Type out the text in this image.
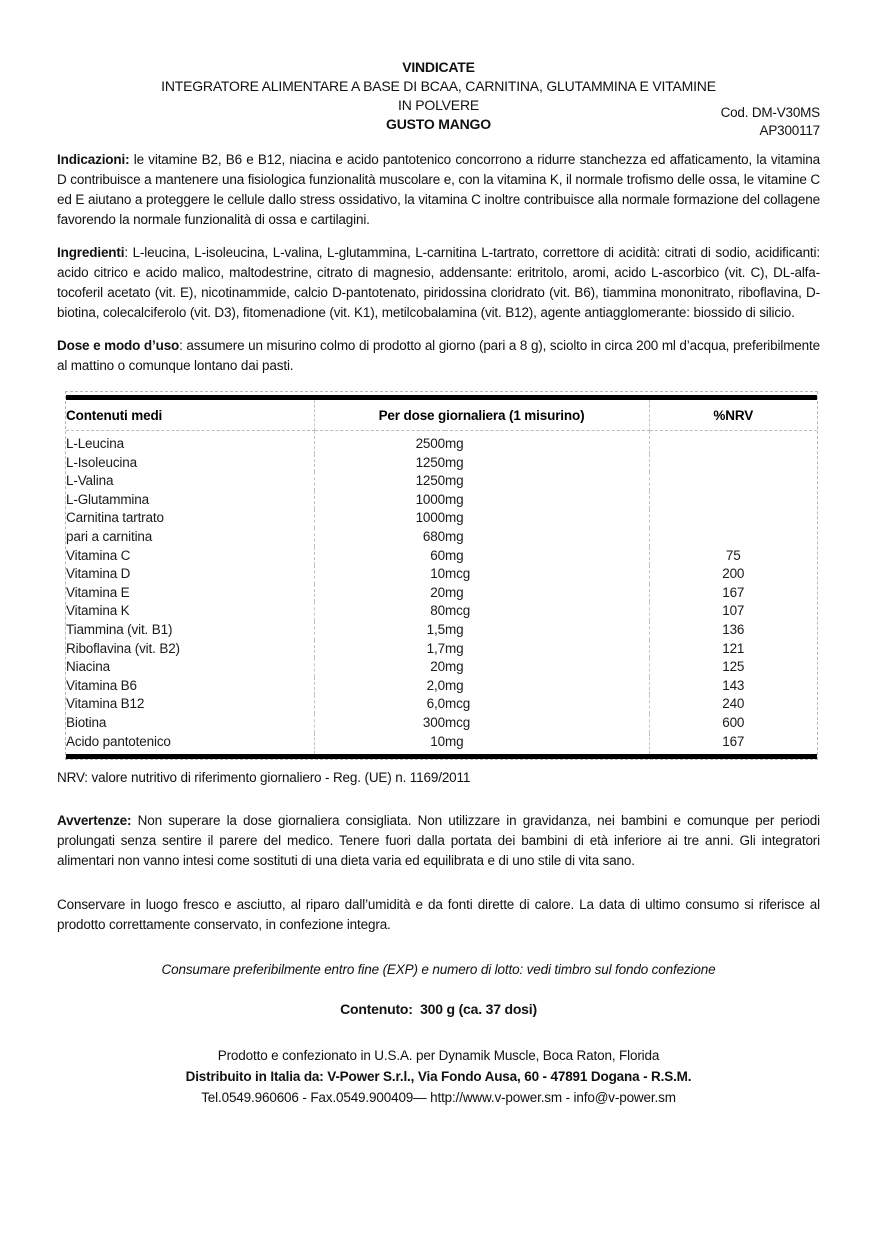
VINDICATE
INTEGRATORE ALIMENTARE A BASE DI BCAA, CARNITINA, GLUTAMMINA E VITAMINE
IN POLVERE
GUSTO MANGO
Cod. DM-V30MS
AP300117

Indicazioni: le vitamine B2, B6 e B12, niacina e acido pantotenico concorrono a ridurre stanchezza ed affaticamento, la vitamina D contribuisce a mantenere una fisiologica funzionalità muscolare e, con la vitamina K, il normale trofismo delle ossa, le vitamine C ed E aiutano a proteggere le cellule dallo stress ossidativo, la vitamina C inoltre contribuisce alla normale formazione del collagene favorendo la normale funzionalità di ossa e cartilagini.

Ingredienti: L-leucina, L-isoleucina, L-valina, L-glutammina, L-carnitina L-tartrato, correttore di acidità: citrati di sodio, acidificanti: acido citrico e acido malico, maltodestrine, citrato di magnesio, addensante: eritritolo, aromi, acido L-ascorbico (vit. C), DL-alfa-tocoferil acetato (vit. E), nicotinammide, calcio D-pantotenato, piridossina cloridrato (vit. B6), tiammina mononitrato, riboflavina, D-biotina, colecalciferolo (vit. D3), fitomenadione (vit. K1), metilcobalamina (vit. B12), agente antiagglomerante: biossido di silicio.

Dose e modo d’uso: assumere un misurino colmo di prodotto al giorno (pari a 8 g), sciolto in circa 200 ml d’acqua, preferibilmente al mattino o comunque lontano dai pasti.

Contenuti medi	Per dose giornaliera (1 misurino)		%NRV
L-Leucina	2500	mg	
L-Isoleucina	1250	mg	
L-Valina	1250	mg	
L-Glutammina	1000	mg	
Carnitina tartrato	1000	mg	
pari a carnitina	680	mg	
Vitamina C	60	mg	75
Vitamina D	10	mcg	200
Vitamina E	20	mg	167
Vitamina K	80	mcg	107
Tiammina (vit. B1)	1,5	mg	136
Riboflavina (vit. B2)	1,7	mg	121
Niacina	20	mg	125
Vitamina B6	2,0	mg	143
Vitamina B12	6,0	mcg	240
Biotina	300	mcg	600
Acido pantotenico	10	mg	167

NRV: valore nutritivo di riferimento giornaliero - Reg. (UE) n. 1169/2011

Avvertenze: Non superare la dose giornaliera consigliata. Non utilizzare in gravidanza, nei bambini e comunque per periodi prolungati senza sentire il parere del medico. Tenere fuori dalla portata dei bambini di età inferiore ai tre anni. Gli integratori alimentari non vanno intesi come sostituti di una dieta varia ed equilibrata e di uno stile di vita sano.

Conservare in luogo fresco e asciutto, al riparo dall’umidità e da fonti dirette di calore. La data di ultimo consumo si riferisce al prodotto correttamente conservato, in confezione integra.

Consumare preferibilmente entro fine (EXP) e numero di lotto: vedi timbro sul fondo confezione

Contenuto:  300 g (ca. 37 dosi)

Prodotto e confezionato in U.S.A. per Dynamik Muscle, Boca Raton, Florida
Distribuito in Italia da: V-Power S.r.l., Via Fondo Ausa, 60 - 47891 Dogana - R.S.M.
Tel.0549.960606 - Fax.0549.900409— http://www.v-power.sm - info@v-power.sm
